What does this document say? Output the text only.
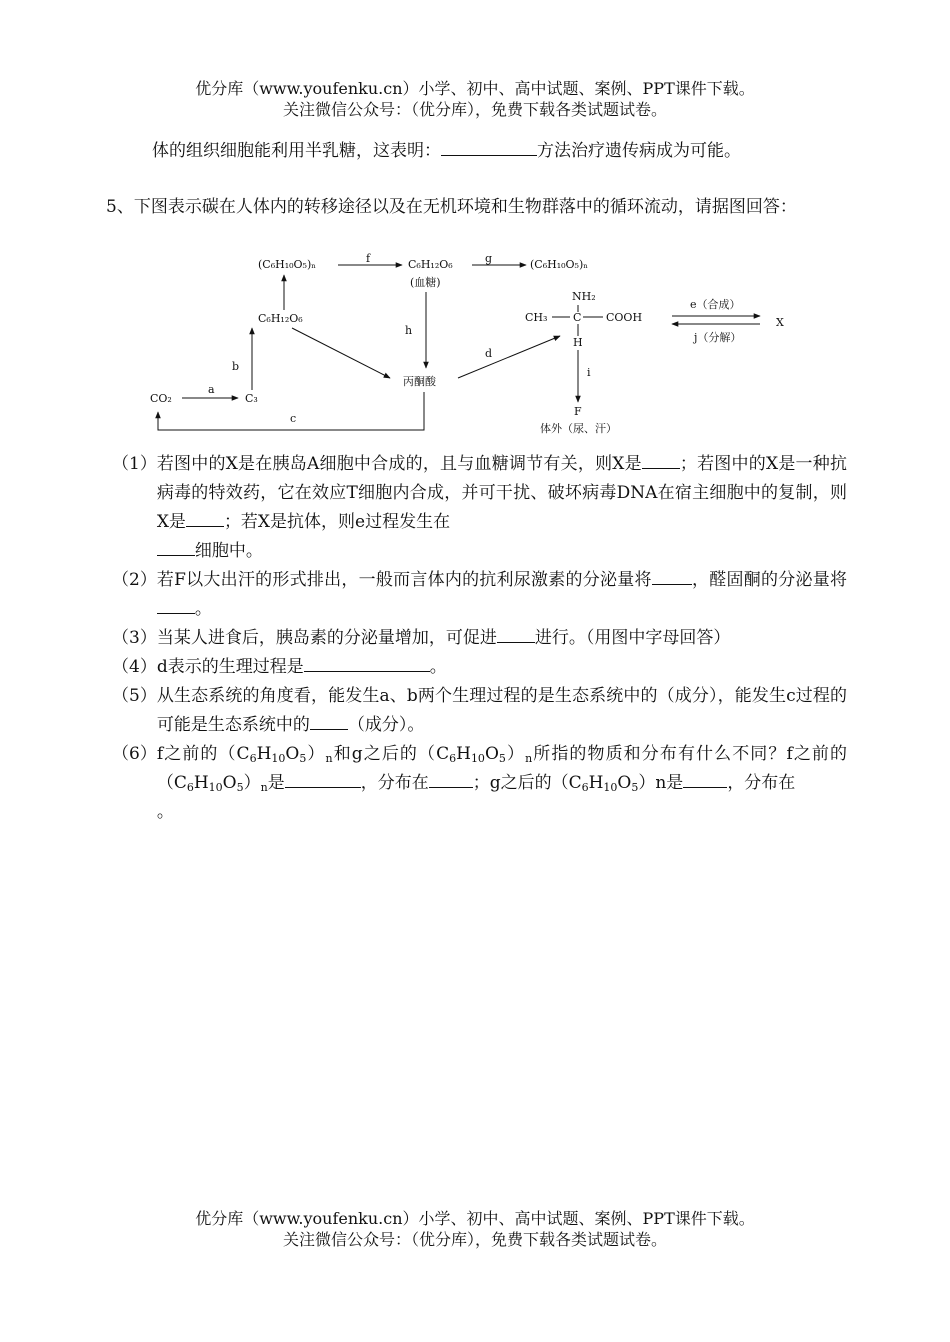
优分库（www.youfenku.cn）小学、初中、高中试题、案例、PPT课件下载。
关注微信公众号：（优分库），免费下载各类试题试卷。
体的组织细胞能利用半乳糖，这表明：	方法治疗遗传病成为可能。
5、下图表示碳在人体内的转移途径以及在无机环境和生物群落中的循环流动，请据图回答：
(C₆H₁₀O₅)ₙ	C₆H₁₂O₆
(血糖)
(C₆H₁₀O₅)ₙ
C₆H₁₂O₆
CO₂	C₃
丙酮酸
NH₂
CH₃ C COOH
H
F
体外（尿、汗）
X
f	g
h
b
a
c
d
i
e（合成）
j（分解）
（1） 若图中的X是在胰岛A细胞中合成的，且与血糖调节有关，则X是 ；若图中的X是一种抗病毒的特效药，它在效应T细胞内合成，并可干扰、破坏病毒DNA在宿主细胞中的复制，则X是 ；若X是抗体，则e过程发生在
细胞中。
（2） 若F以大出汗的形式排出，一般而言体内的抗利尿激素的分泌量将 ，醛固酮的分泌量将。
（3） 当某人进食后，胰岛素的分泌量增加，可促进 进行。（用图中字母回答）
（4） d表示的生理过程是	。
（5） 从生态系统的角度看，能发生a、b两个生理过程的是生态系统中的（成分），能发生c过程的可能是生态系统中的 （成分）。
（6） f之前的$(C_6H_{10}O_5)_n$和g之后的$(C_6H_{10}O_5)_n$所指的物质和分布有什么不同？f之前的$(C_6H_{10}O_5)_n$是	，分布在	；g之后的$(C_6H_{10}O_5)n$是	，分布在
。
优分库（www.youfenku.cn）小学、初中、高中试题、案例、PPT课件下载。
关注微信公众号：（优分库），免费下载各类试题试卷。
